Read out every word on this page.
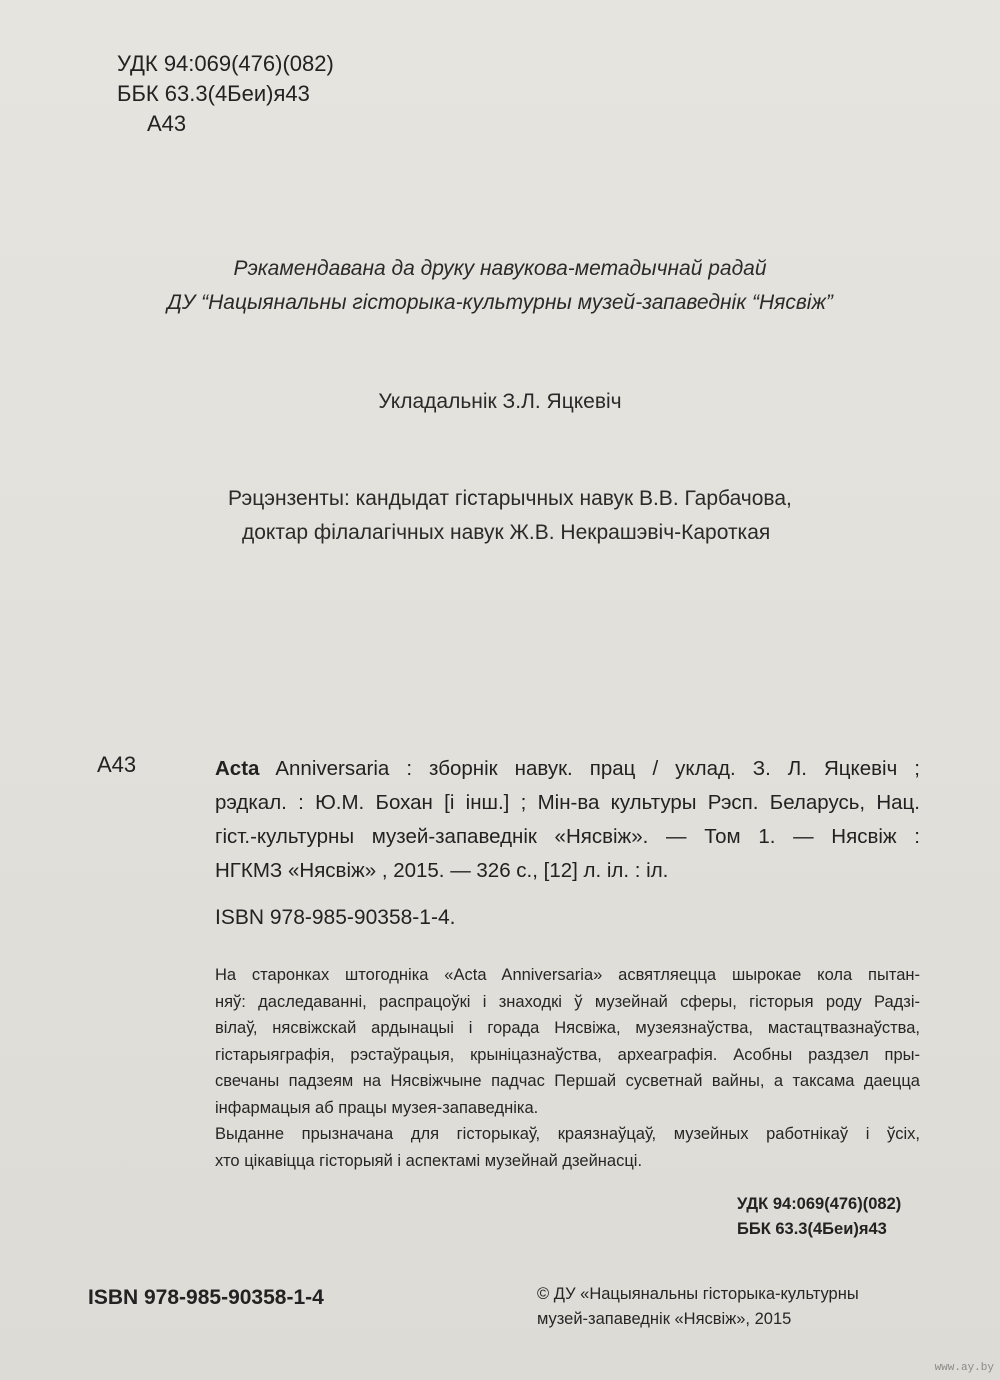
УДК 94:069(476)(082)
ББК 63.3(4Беи)я43
А43
Рэкамендавана да друку навукова-метадычнай радай
ДУ “Нацыянальны гісторыка-культурны музей-запаведнік “Нясвіж”
Укладальнік З.Л. Яцкевіч
Рэцэнзенты: кандыдат гістарычных навук В.В. Гарбачова,
доктар філалагічных навук Ж.В. Некрашэвіч-Кароткая
А43	Acta Anniversaria : зборнік навук. прац / уклад. З. Л. Яцкевіч ;
рэдкал. : Ю.М. Бохан [і інш.] ; Мін-ва культуры Рэсп. Беларусь, Нац.
гіст.-культурны музей-запаведнік «Нясвіж». — Том 1. — Нясвіж :
НГКМЗ «Нясвіж» , 2015. — 326 с., [12] л. іл. : іл.
ISBN 978-985-90358-1-4.
На старонках штогодніка «Acta Anniversaria» асвятляецца шырокае кола пытан-
няў: даследаванні, распрацоўкі і знаходкі ў музейнай сферы, гісторыя роду Радзі-
вілаў, нясвіжскай ардынацыі і горада Нясвіжа, музеязнаўства, мастацтвазнаўства,
гістарыяграфія, рэстаўрацыя, крыніцазнаўства, археаграфія. Асобны раздзел пры-
свечаны падзеям на Нясвіжчыне падчас Першай сусветнай вайны, а таксама даецца
інфармацыя аб працы музея-запаведніка.
Выданне прызначана для гісторыкаў, краязнаўцаў, музейных работнікаў і ўсіх,
хто цікавіцца гісторыяй і аспектамі музейнай дзейнасці.
УДК 94:069(476)(082)
ББК 63.3(4Беи)я43
ISBN 978-985-90358-1-4	© ДУ «Нацыянальны гісторыка-культурны
музей-запаведнік «Нясвіж», 2015
www.ay.by
